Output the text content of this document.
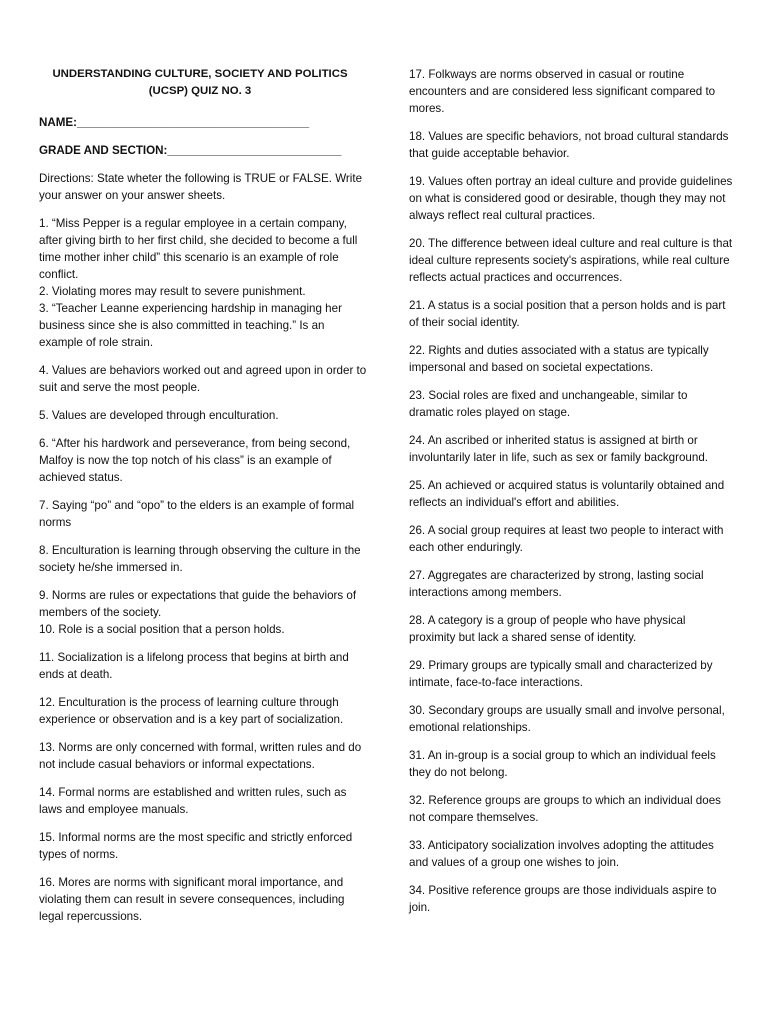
UNDERSTANDING CULTURE, SOCIETY AND POLITICS
(UCSP) QUIZ NO. 3
NAME:____________________________________
GRADE AND SECTION:___________________________

Directions: State wheter the following is TRUE or FALSE. Write your answer on your answer sheets.

1. “Miss Pepper is a regular employee in a certain company, after giving birth to her first child, she decided to become a full time mother inher child” this scenario is an example of role conflict.

2. Violating mores may result to severe punishment.

3. “Teacher Leanne experiencing hardship in managing her business since she is also committed in teaching.” Is an example of role strain.

4. Values are behaviors worked out and agreed upon in order to suit and serve the most people.

5. Values are developed through enculturation.

6. “After his hardwork and perseverance, from being second, Malfoy is now the top notch of his class” is an example of achieved status.

7. Saying “po” and “opo” to the elders is an example of formal norms

8. Enculturation is learning through observing the culture in the society he/she immersed in.

9. Norms are rules or expectations that guide the behaviors of members of the society.

10. Role is a social position that a person holds.

11. Socialization is a lifelong process that begins at birth and ends at death.

12. Enculturation is the process of learning culture through experience or observation and is a key part of socialization.

13. Norms are only concerned with formal, written rules and do not include casual behaviors or informal expectations.

14. Formal norms are established and written rules, such as laws and employee manuals.

15. Informal norms are the most specific and strictly enforced types of norms.

16. Mores are norms with significant moral importance, and violating them can result in severe consequences, including legal repercussions.

17. Folkways are norms observed in casual or routine encounters and are considered less significant compared to mores.

18. Values are specific behaviors, not broad cultural standards that guide acceptable behavior.

19. Values often portray an ideal culture and provide guidelines on what is considered good or desirable, though they may not always reflect real cultural practices.

20. The difference between ideal culture and real culture is that ideal culture represents society's aspirations, while real culture reflects actual practices and occurrences.

21. A status is a social position that a person holds and is part of their social identity.

22. Rights and duties associated with a status are typically impersonal and based on societal expectations.

23. Social roles are fixed and unchangeable, similar to dramatic roles played on stage.

24. An ascribed or inherited status is assigned at birth or involuntarily later in life, such as sex or family background.

25. An achieved or acquired status is voluntarily obtained and reflects an individual's effort and abilities.

26. A social group requires at least two people to interact with each other enduringly.

27. Aggregates are characterized by strong, lasting social interactions among members.

28. A category is a group of people who have physical proximity but lack a shared sense of identity.

29. Primary groups are typically small and characterized by intimate, face-to-face interactions.

30. Secondary groups are usually small and involve personal, emotional relationships.

31. An in-group is a social group to which an individual feels they do not belong.

32. Reference groups are groups to which an individual does not compare themselves.

33. Anticipatory socialization involves adopting the attitudes and values of a group one wishes to join.

34. Positive reference groups are those individuals aspire to join.
